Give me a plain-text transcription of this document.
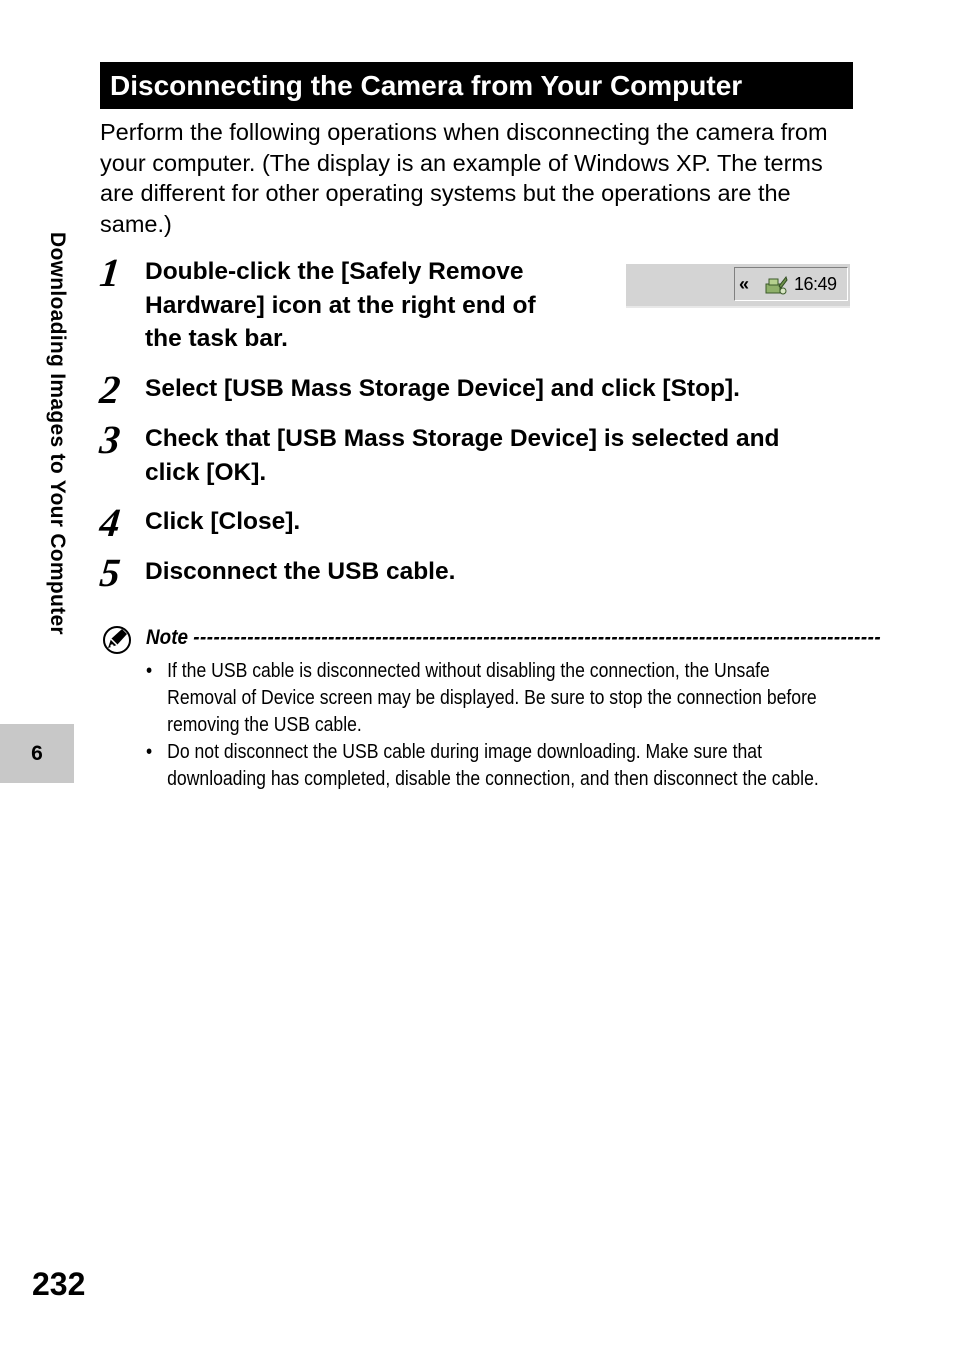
Downloading Images to Your Computer
6
Disconnecting the Camera from Your Computer
Perform the following operations when disconnecting the camera from your computer. (The display is an example of Windows XP. The terms are different for other operating systems but the operations are the same.)
1 Double-click the [Safely Remove
Hardware] icon at the right end of
the task bar.
« 16:49
2 Select [USB Mass Storage Device] and click [Stop].
3 Check that [USB Mass Storage Device] is selected and
click [OK].
4 Click [Close].
5 Disconnect the USB cable.
Note ------------------------------------------------------------------------------------------------------
• If the USB cable is disconnected without disabling the connection, the Unsafe
Removal of Device screen may be displayed. Be sure to stop the connection before
removing the USB cable.
• Do not disconnect the USB cable during image downloading. Make sure that
downloading has completed, disable the connection, and then disconnect the cable.
232
